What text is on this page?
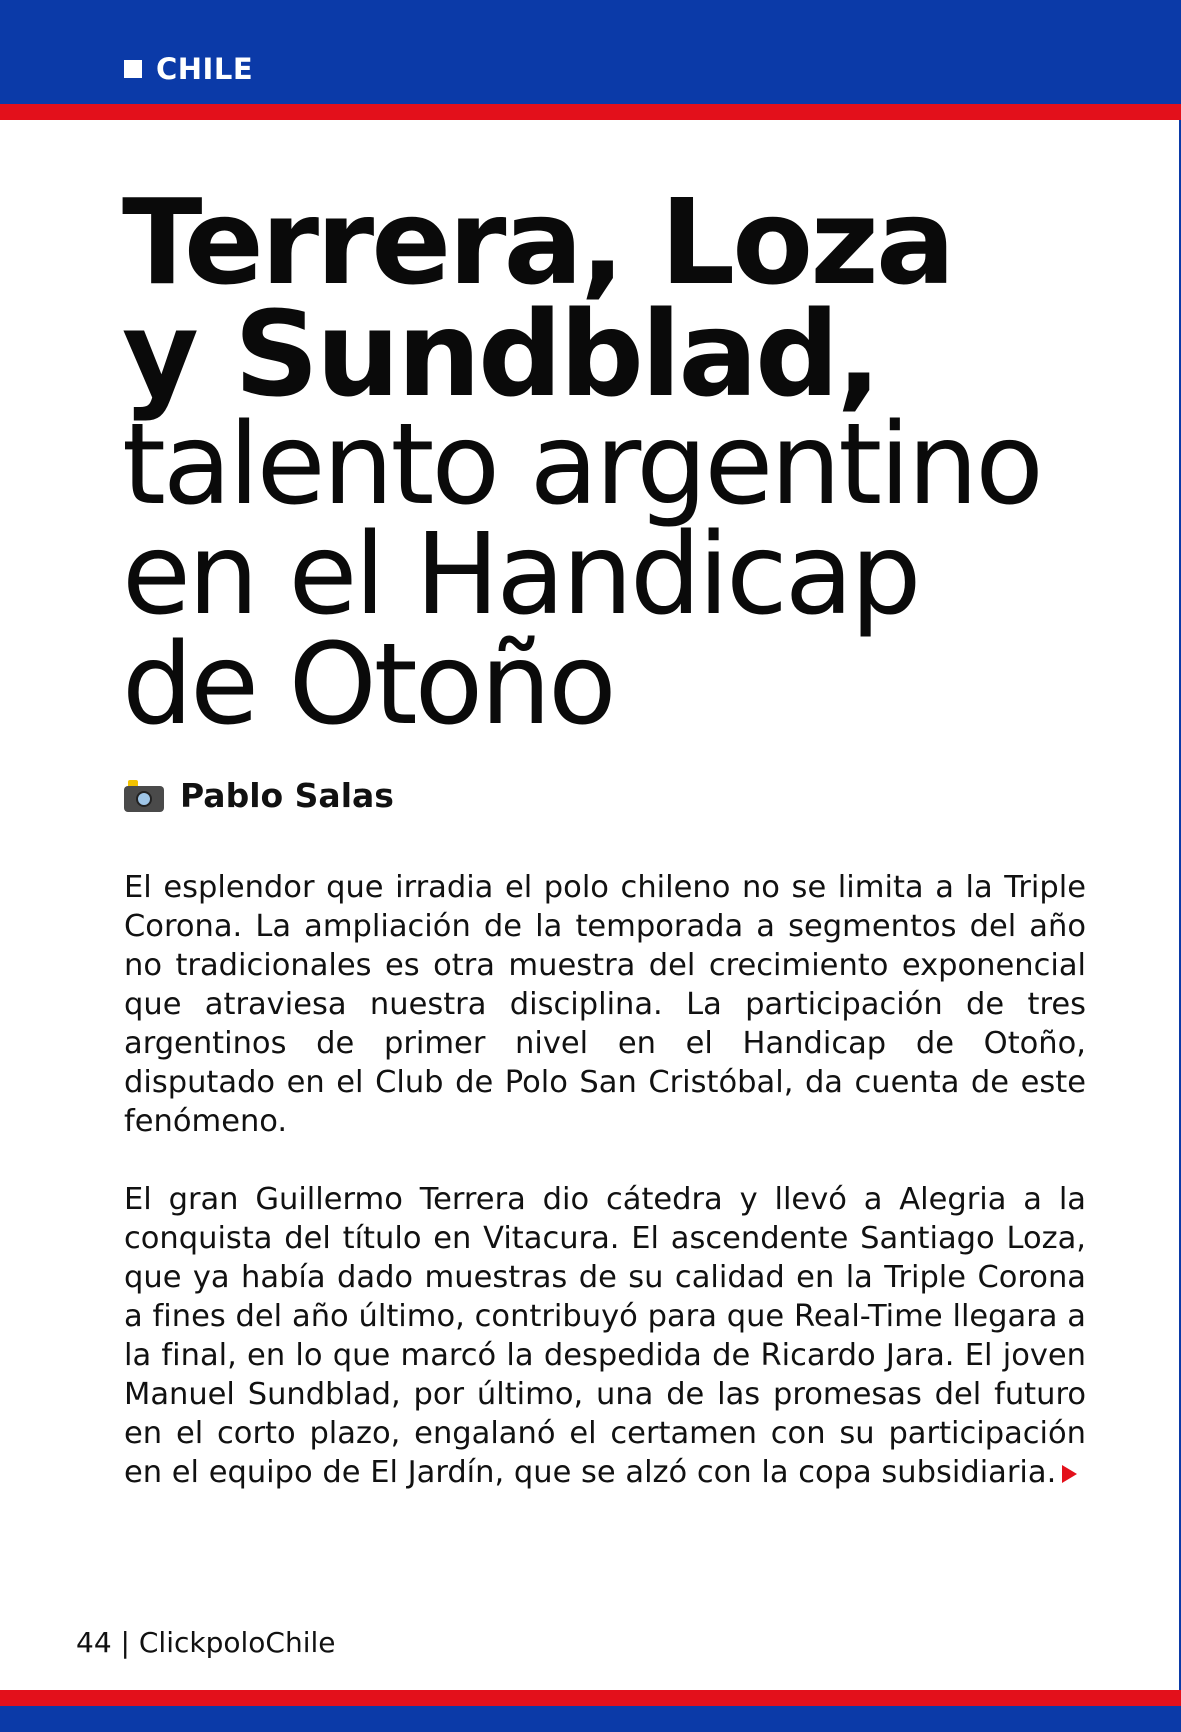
CHILE
Terrera, Loza
y Sundblad,
talento argentino
en el Handicap
de Otoño
Pablo Salas

El esplendor que irradia el polo chileno no se limita a la Triple Corona. La ampliación de la temporada a segmentos del año no tradicionales es otra muestra del crecimiento exponencial que atraviesa nuestra disciplina. La participación de tres argentinos de primer nivel en el Handicap de Otoño, disputado en el Club de Polo San Cristóbal, da cuenta de este fenómeno.

El gran Guillermo Terrera dio cátedra y llevó a Alegria a la conquista del título en Vitacura. El ascendente Santiago Loza, que ya había dado muestras de su calidad en la Triple Corona a fines del año último, contribuyó para que Real-Time llegara a la final, en lo que marcó la despedida de Ricardo Jara. El joven Manuel Sundblad, por último, una de las promesas del futuro en el corto plazo, engalanó el certamen con su participación en el equipo de El Jardín, que se alzó con la copa subsidiaria.

44 | ClickpoloChile
